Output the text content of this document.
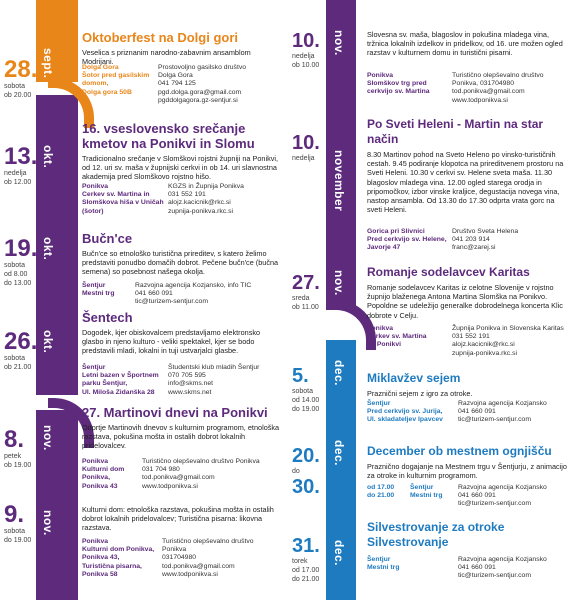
sept.
okt.
okt.
okt.
nov.
nov.
28.
sobota
ob 20.00
13.
nedelja
ob 12.00
19.
sobota
od 8.00
do 13.00
26.
sobota
ob 21.00
8.
petek
ob 19.00
9.
sobota
do 19.00
Oktoberfest na Dolgi gori

Veselica s priznanim narodno-zabavnim ansamblom Modrijani.

Dolga Gora
Šotor pred gasilskim
domom,
Dolga gora 50B
Prostovoljno gasilsko društvo
Dolga Gora
041 794 125
pgd.dolga.gora@gmail.com
pgddolgagora.gz-sentjur.si
16. vseslovensko srečanje kmetov na Ponikvi in Slomu

Tradicionalno srečanje v Slomškovi rojstni župniji na Ponikvi, od 12. uri sv. maša v župnijski cerkvi in ob 14. uri slavnostna akademija pred Slomškovo rojstno hišo.

Ponikva
Cerkev sv. Martina in
Slomškova hiša v Uničah
(šotor)
KGZS in Župnija Ponikva
031 552 191
alojz.kacicnik@rkc.si
zupnija-ponikva.rkc.si
Bučn'ce

Bučn'ce so etnološko turistična prireditev, s katero želimo predstaviti ponudbo domačih dobrot. Pečene bučn'ce (bučna semena) so posebnost našega okolja.

Šentjur
Mestni trg
Razvojna agencija Kozjansko, info TIC
041 660 091
tic@turizem-sentjur.com
Šentech

Dogodek, kjer obiskovalcem predstavljamo elektronsko glasbo in njeno kulturo - veliki spektakel, kjer se bodo predstavili mladi, lokalni in tuji ustvarjalci glasbe.

Šentjur
Letni bazen v Športnem
parku Šentjur,
Ul. Miloša Zidanška 28
Študentski klub mladih Šentjur
070 705 595
info@skms.net
www.skms.net
27. Martinovi dnevi na Ponikvi

Odprtje Martinovih dnevov s kulturnim programom, etnološka razstava, pokušina mošta in ostalih dobrot lokalnih pridelovalcev.

Ponikva
Kulturni dom
Ponikva,
Ponikva 43
Turistično olepševalno društvo Ponikva
031 704 980
tod.ponikva@gmail.com
www.todponikva.si

Kulturni dom: etnološka razstava, pokušina mošta in ostalih dobrot lokalnih pridelovalcev; Turistična pisarna: likovna razstava.

Ponikva
Kulturni dom Ponikva,
Ponikva 43,
Turistična pisarna,
Ponikva 58
Turistično olepševalno društvo
Ponikva
031704980
tod.ponikva@gmail.com
www.todponikva.si
nov.
november
nov.
dec.
dec.
dec.
10.
nedelja
ob 10.00
10.
nedelja
27.
sreda
ob 11.00
5.
sobota
od 14.00
do 19.00
20.
do
30.
31.
torek
od 17.00
do 21.00

Slovesna sv. maša, blagoslov in pokušina mladega vina, tržnica lokalnih izdelkov in pridelkov, od 16. ure možen ogled razstav v kulturnem domu in turistični pisarni.

Ponikva
Slomškov trg pred
cerkvijo sv. Martina
Turistično olepševalno društvo
Ponikva, 031704980
tod.ponikva@gmail.com
www.todponikva.si
Po Sveti Heleni - Martin na star način

8.30 Martinov pohod na Sveto Heleno po vinsko-turističnih cestah. 9.45 podiranje klopotca na prireditvenem prostoru na Sveti Heleni. 10.30 v cerkvi sv. Helene sveta maša. 11.30 blagoslov mladega vina. 12.00 ogled starega orodja in pripomočkov, izbor vinske kraljice, degustacija novega vina, nastop ansambla. Od 13.30 do 17.30 odprta vrata gorc na sveti Heleni.

Gorica pri Slivnici
Pred cerkvijo sv. Helene,
Javorje 47
Društvo Sveta Helena
041 203 914
franc@zarej.si
Romanje sodelavcev Karitas

Romanje sodelavcev Karitas iz celotne Slovenije v rojstno župnijo blaženega Antona Martina Slomška na Ponikvo. Popoldne se udeležijo generalke dobrodelnega koncerta Klic dobrote v Celju.

Ponikva
Cerkev sv. Martina
na Ponikvi
Župnija Ponikva in Slovenska Karitas
031 552 191
alojz.kacicnik@rkc.si
zupnija-ponikva.rkc.si
Miklavžev sejem

Praznični sejem z igro za otroke.

Šentjur
Pred cerkvijo sv. Jurija,
Ul. skladateljev Ipavcev
Razvojna agencija Kozjansko
041 660 091
tic@turizem-sentjur.com
December ob mestnem ognjišču

Praznično dogajanje na Mestnem trgu v Šentjurju, z animacijo za otroke in kulturnim programom.

od 17.00
do 21.00
Šentjur
Mestni trg
Razvojna agencija Kozjansko
041 660 091
tic@turizem-sentjur.com
Silvestrovanje za otroke Silvestrovanje
Šentjur
Mestni trg
Razvojna agencija Kozjansko
041 660 091
tic@turizem-sentjur.com
